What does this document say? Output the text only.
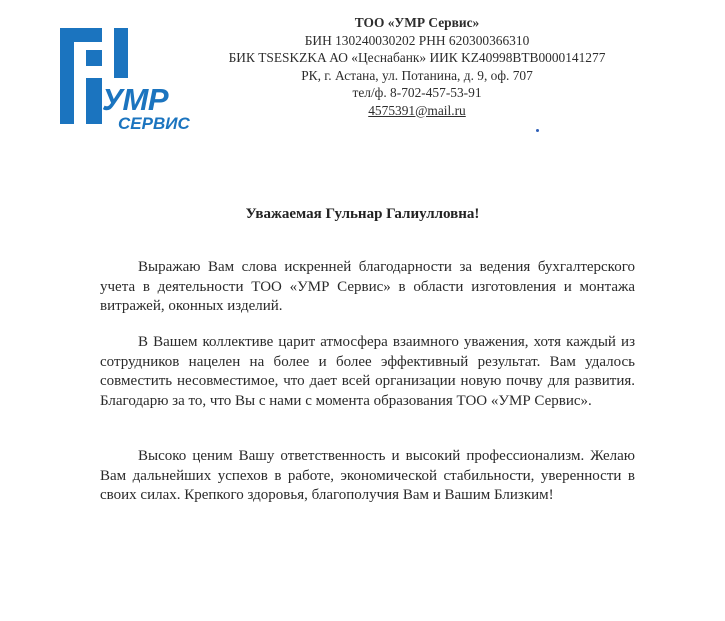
УМР
СЕРВИС
ТОО «УМР Сервис»
БИН 130240030202 РНН 620300366310
БИК TSESKZKA АО «Цеснабанк» ИИК KZ40998BTB0000141277
РК, г. Астана, ул. Потанина, д. 9, оф. 707
тел/ф. 8-702-457-53-91
4575391@mail.ru
Уважаемая Гульнар Галиулловна!

Выражаю Вам слова искренней благодарности за ведения бухгалтерского учета в деятельности ТОО «УМР Сервис» в области изготовления и монтажа витражей, оконных изделий.

В Вашем коллективе царит атмосфера взаимного уважения, хотя каждый из сотрудников нацелен на более и более эффективный результат. Вам удалось совместить несовместимое, что дает всей организации новую почву для развития. Благодарю за то, что Вы с нами с момента образования ТОО «УМР Сервис».

Высоко ценим Вашу ответственность и высокий профессионализм. Желаю Вам дальнейших успехов в работе, экономической стабильности, уверенности в своих силах. Крепкого здоровья, благополучия Вам и Вашим Близким!
